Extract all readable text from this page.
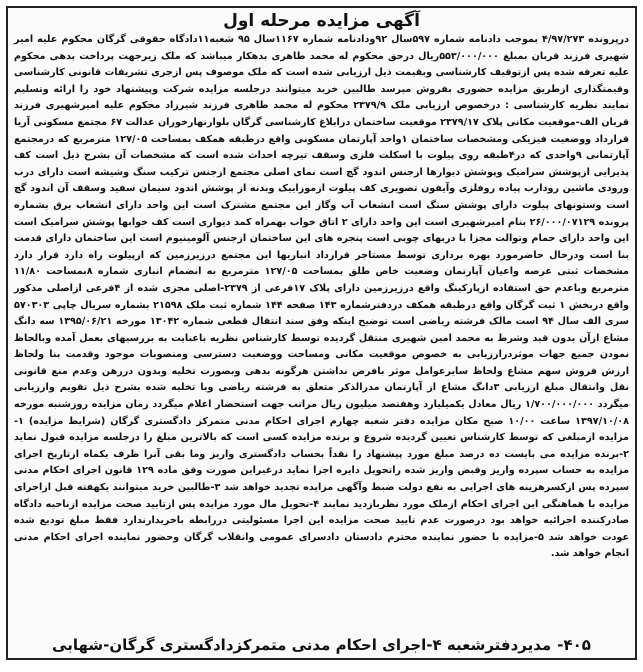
آگهی مزایده مرحله اول

درپرونده ۴/۹۷/۲۷۳ بموجب دادنامه شماره ۵۹۷سال ۹۲ودادنامه شماره ۱۱۶۷سال ۹۵ شعبه۱۱دادگاه حقوقی گرگان محکوم علیه امیر شهیری فرزند قربان بمبلغ ۵۵۳/۰۰۰/۰۰۰ریال درحق محکوم له محمد طاهری بدهکار میباشد که ملک زیرجهت پرداخت بدهی محکوم علیه تعرفه شده پس ازتوقیف کارشناسی وبقیمت ذیل ارزیابی شده است که ملک موصوف پس ازجری تشریفات قانونی کارشناسی وقیمتگذاری ازطریق مزایده حضوری بفروش میرسد طالبین خرید میتوانند درجلسه مزایده شرکت وپیشنهاد خود را ارائه وتسلیم نمایند نظریه کارشناسی : درخصوص ارزیابی ملک ۲۳۷۹/۹ محکوم له محمد طاهری فرزند شیرزاد محکوم علیه امیرشهیری فرزند قربان الف-موقعیت مکانی پلاک ۲۳۷۹/۱۷ موقعیت ساختمان درابلاغ کارشناسی گرگان بلوارنهارخوران عدالت ۶۷ مجتمع مسکونی آریا قرارداد ووضعیت فیزیکی ومشخصات ساختمان ۱واحد آپارتمان مسکونی واقع درطبقه همکف بمساحت ۱۲۷/۰۵ مترمربع که درمجتمع آپارتمانی ۹واحدی که در۴طبقه روی پیلوت با اسکلت فلزی وسقف تیرچه احداث شده است که مشخصات آن بشرح ذیل است کف پذیرایی ازپوشش سرامیک وپوشش دیوارها ازجنس اندود گچ است نمای اصلی مجتمع ازجنس ترکیب سنگ وشیشه است دارای درب ورودی ماشین رودارب پیاده روفلزی وآیفون تصویری کف پیلوت ازموزاییک وبدنه از پوشش اندود سیمان سفید وسقف آن اندود گچ است وستونهای پیلوت دارای پوشش سنگ است انشعاب آب وگاز این مجتمع مشترک است این واحد دارای انشعاب برق بشماره پرونده ۲۶/۰۰۰/۰۷۱۲۹ بنام امیرشهیری است این واحد دارای ۲ اتاق خواب بهمراه کمد دیواری است کف خوابها پوشش سرامیک است این واحد دارای حمام وتوالت مجزا با دربهای چوبی است پنجره های این ساختمان ازجنس آلومینیوم است این ساختمان دارای قدمت بنا است ودرحال حاضرمورد بهره برداری توسط مستاجر قرارداد انباریها این مجتمع درزیرزمین که ازپیلوت راه دارد قرار دارد مشخصات ثبتی عرصه واعیان آپارتمان وضعیت خاص طلق بمساحت ۱۲۷/۰۵ مترمربع به انضمام انباری شماره ۸بمساحت ۱۱/۸۰ مترمربع وباعدم حق استفاده ازپارکینگ واقع درزیرزمین دارای پلاک ۱۷فرعی از ۲۳۷۹-اصلی مجزی شده از ۴فرعی ازاصلی مذکور واقع دربخش ۱ ثبت گرگان واقع درطبقه همکف دردفترشماره ۱۴۳ صفحه ۱۴۴ شماره ثبت ملک ۲۱۵۹۸ بشماره سریال چاپی ۵۷۰۳۰۳ سری الف سال ۹۴ است مالک فرشته ریاضی است توضیح اینکه وفق سند انتقال قطعی شماره ۱۳۰۴۲ مورخه ۱۳۹۵/۰۶/۲۱ سه دانگ مشاع ازآن بدون قید وشرط به محمد امین شهیری منتقل گردیده توسط کارشناس نظریه باعنایت به بررسیهای بعمل آمده وبالحاظ نمودن جمیع جهات موثردرارزیابی به خصوص موقعیت مکانی ومساحت ووضعیت دسترسی ومنصوبات موجود وقدمت بنا ولحاظ ارزش فروش سهم مشاع ولحاظ سایرعوامل موثر بافرض نداشتن هرگونه بدهی وبصورت تخلیه وبدون دررهن وعدم منع قانونی نقل وانتقال مبلغ ارزیابی ۳دانگ مشاع از آپارتمان مدرالذکر متعلق به فرشته ریاضی وبا تخلیه شده بشرح ذیل تقویم وارزیابی میگردد ۱/۷۰۰/۰۰۰/۰۰۰ ریال معادل یکمیلیارد وهفتصد میلیون ریال مراتب جهت استحضار اعلام میگردد زمان مزایده روزشنبه مورخه ۱۳۹۷/۱۰/۰۸ ساعت ۱۰/۰۰ صبح مکان مزایده دفتر شعبه چهارم اجرای احکام مدنی متمرکز دادگستری گرگان (شرایط مزایده) ۱-مزایده ازمبلغی که توسط کارشناس تعیین گردیده شروع و برنده مزایده کسی است که بالاترین مبلغ را درجلسه مزایده قبول نماید ۲-برنده مزایده می بایست ده درصد مبلغ مورد پیشنهاد را نقداً بحساب دادگستری واریز وما بقی آنرا ظرف یکماه ازتاریخ اجرای مزایده به حساب سپرده واریز وقبض واریز شده راتحویل دایره اجرا نماید درغیراین صورت وفق ماده ۱۲۹ قانون اجرای احکام مدنی سپرده پس ازکسرهزینه های اجرایی به نفع دولت ضبط وآگهی مزایده تجدید خواهد شد ۳-طالبین خرید میتوانند یکهفته قبل ازاجرای مزایده با هماهنگی این اجرای احکام ازملک مورد نظربازدید نمایند ۴-تحویل مال مورد مزایده پس ازتایید صحت مزایده ازناحیه دادگاه صادرکننده اجرائیه خواهد بود درصورت عدم تایید صحت مزایده این اجرا مسئولیتی دررابطه باخریدارندارد فقط مبلغ تودیع شده عودت خواهد شد ۵-مزایده با حضور نماینده محترم دادستان دادسرای عمومی وانقلاب گرگان وحضور نماینده اجرای احکام مدنی انجام خواهد شد.

۴۰۵-مدیردفترشعبه ۴-اجرای احکام مدنی متمرکزدادگستری گرگان-شهابی
